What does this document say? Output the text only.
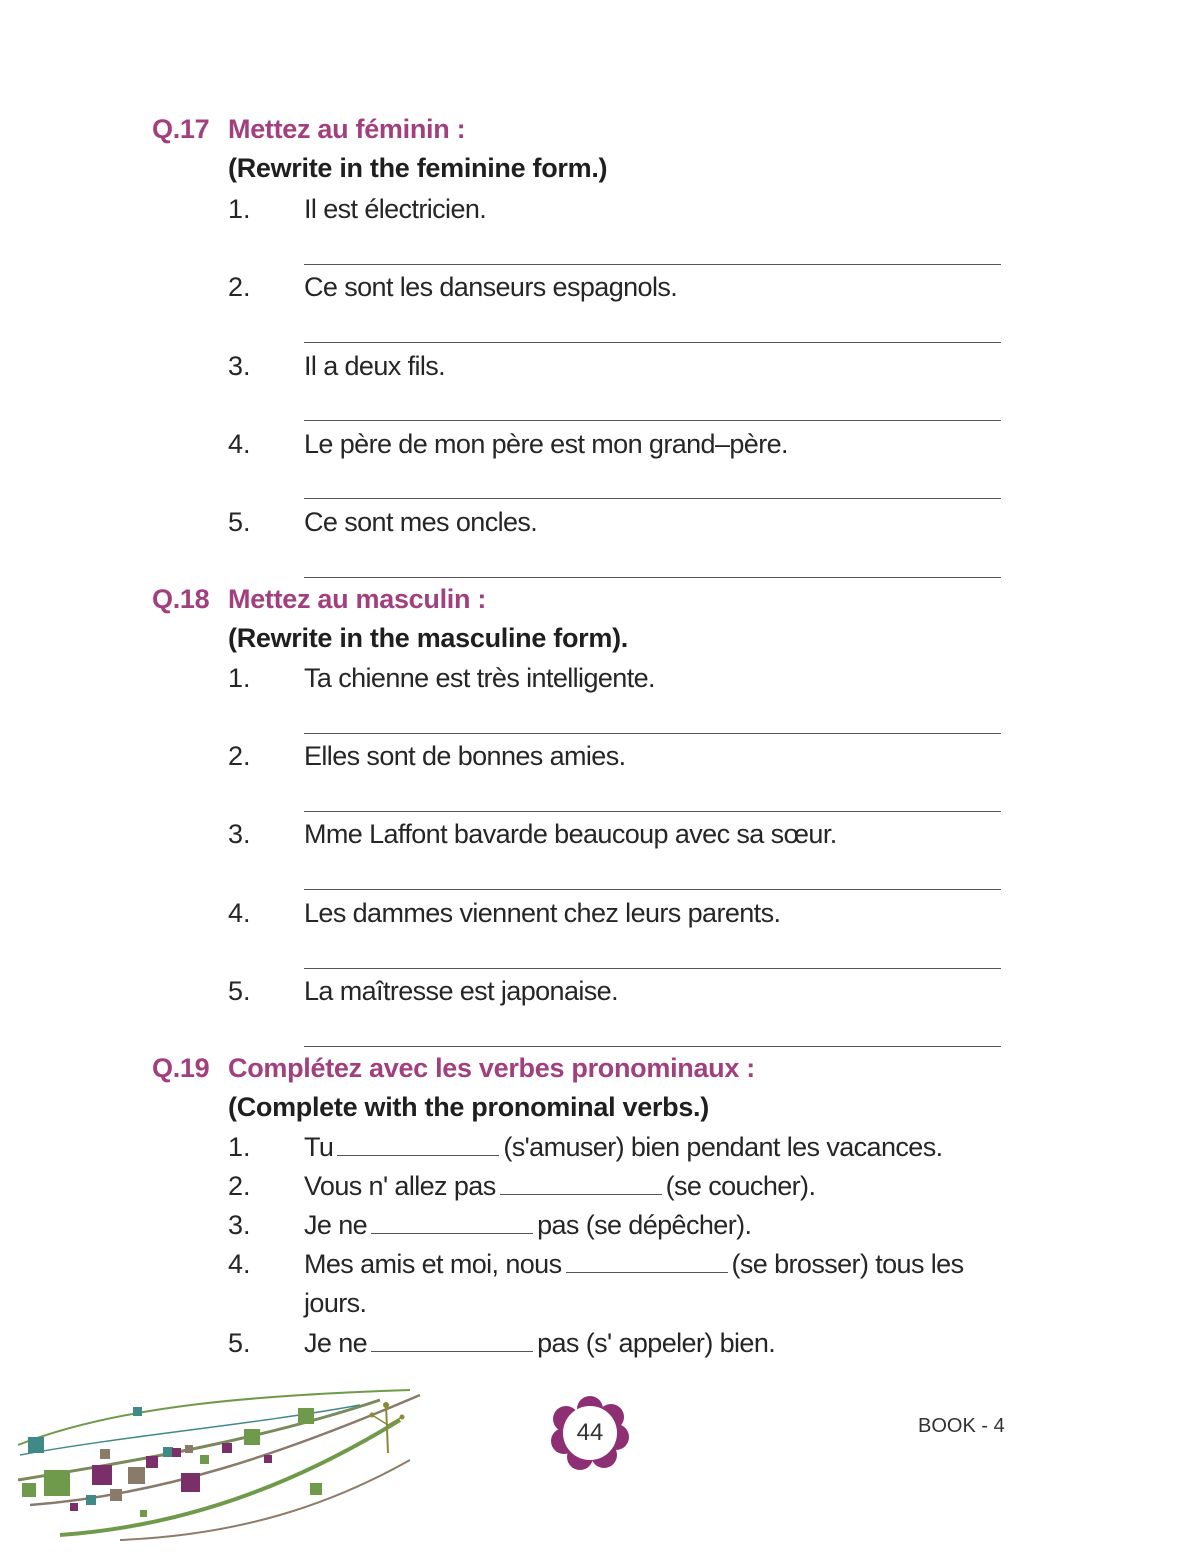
Q.17 Mettez au féminin :
(Rewrite in the feminine form.)
1. Il est électricien.
2. Ce sont les danseurs espagnols.
3. Il a deux fils.
4. Le père de mon père est mon grand–père.
5. Ce sont mes oncles.
Q.18 Mettez au masculin :
(Rewrite in the masculine form).
1. Ta chienne est très intelligente.
2. Elles sont de bonnes amies.
3. Mme Laffont bavarde beaucoup avec sa sœur.
4. Les dammes viennent chez leurs parents.
5. La maîtresse est japonaise.
Q.19 Complétez avec les verbes pronominaux :
(Complete with the pronominal verbs.)
1. Tu	(s'amuser) bien pendant les vacances.
2. Vous n' allez pas	(se coucher).
3. Je ne	pas (se dépêcher).
4. Mes amis et moi, nous	(se brosser) tous les
jours.
5. Je ne	pas (s' appeler) bien.
44	BOOK - 4
